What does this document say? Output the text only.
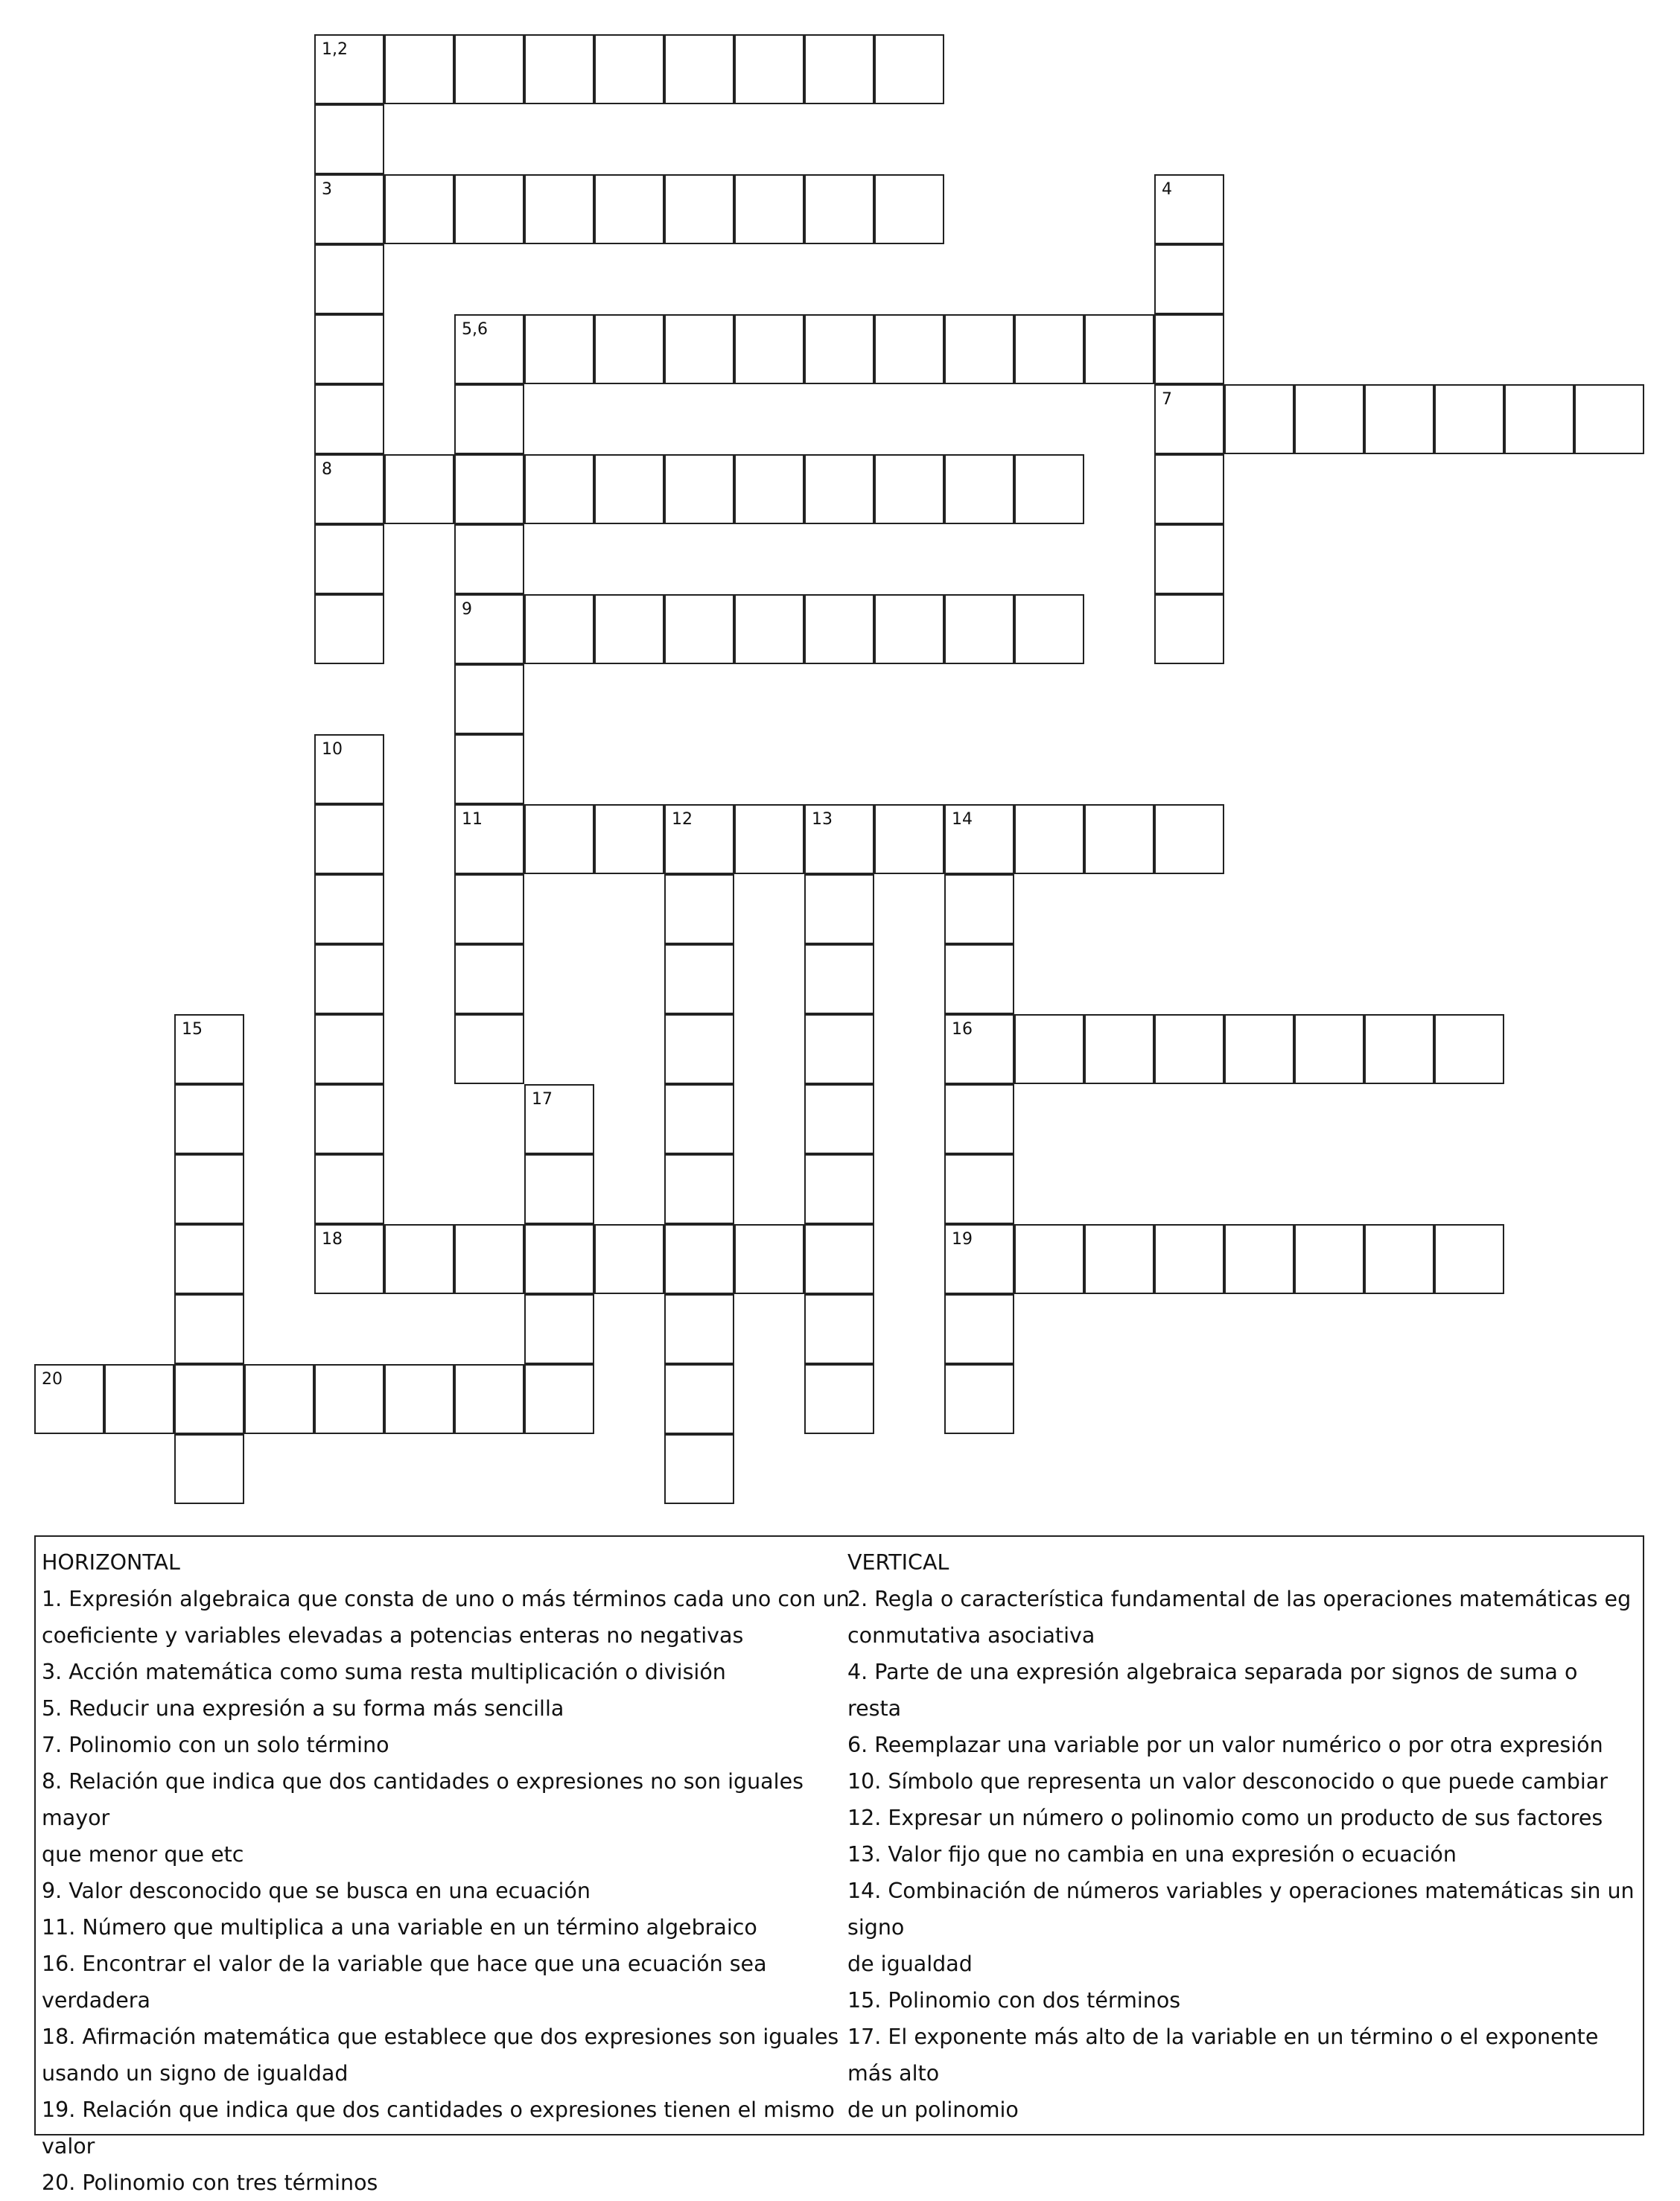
1,2
3
5,6
7
8
9
11	12	13	14
16
18	19
20
4
10
15
17
HORIZONTAL
1. Expresión algebraica que consta de uno o más términos cada uno con un
coeficiente y variables elevadas a potencias enteras no negativas
3. Acción matemática como suma resta multiplicación o división
5. Reducir una expresión a su forma más sencilla
7. Polinomio con un solo término
8. Relación que indica que dos cantidades o expresiones no son iguales mayor
que menor que etc
9. Valor desconocido que se busca en una ecuación
11. Número que multiplica a una variable en un término algebraico
16. Encontrar el valor de la variable que hace que una ecuación sea verdadera
18. Afirmación matemática que establece que dos expresiones son iguales
usando un signo de igualdad
19. Relación que indica que dos cantidades o expresiones tienen el mismo valor
20. Polinomio con tres términos
VERTICAL
2. Regla o característica fundamental de las operaciones matemáticas eg
conmutativa asociativa
4. Parte de una expresión algebraica separada por signos de suma o resta
6. Reemplazar una variable por un valor numérico o por otra expresión
10. Símbolo que representa un valor desconocido o que puede cambiar
12. Expresar un número o polinomio como un producto de sus factores
13. Valor fijo que no cambia en una expresión o ecuación
14. Combinación de números variables y operaciones matemáticas sin un signo
de igualdad
15. Polinomio con dos términos
17. El exponente más alto de la variable en un término o el exponente más alto
de un polinomio
